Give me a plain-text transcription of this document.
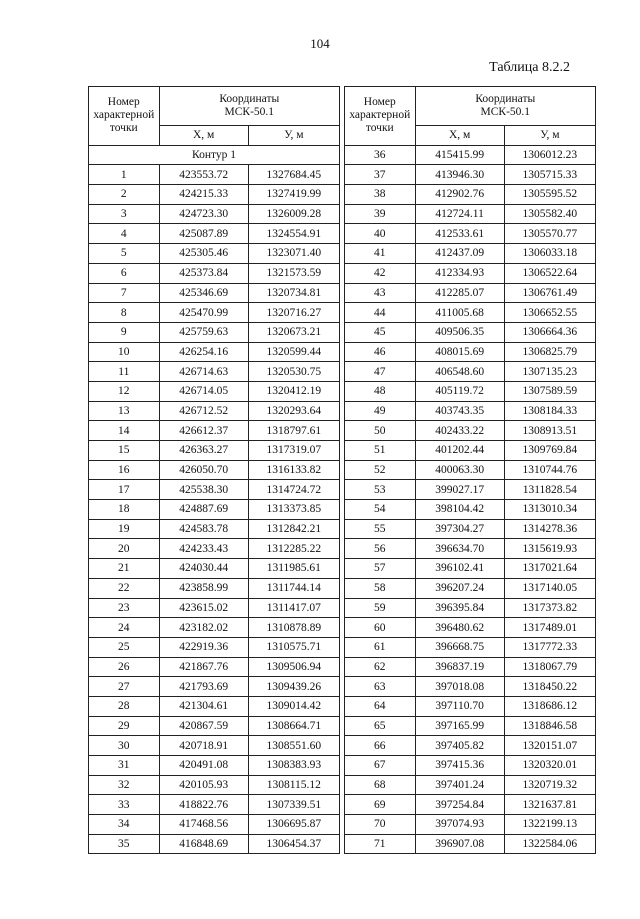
104
Таблица 8.2.2
Номер
характерной
точки	Координаты
МСК-50.1	
	Х, м	У, м
Контур 1		
1	423553.72	1327684.45
2	424215.33	1327419.99
3	424723.30	1326009.28
4	425087.89	1324554.91
5	425305.46	1323071.40
6	425373.84	1321573.59
7	425346.69	1320734.81
8	425470.99	1320716.27
9	425759.63	1320673.21
10	426254.16	1320599.44
11	426714.63	1320530.75
12	426714.05	1320412.19
13	426712.52	1320293.64
14	426612.37	1318797.61
15	426363.27	1317319.07
16	426050.70	1316133.82
17	425538.30	1314724.72
18	424887.69	1313373.85
19	424583.78	1312842.21
20	424233.43	1312285.22
21	424030.44	1311985.61
22	423858.99	1311744.14
23	423615.02	1311417.07
24	423182.02	1310878.89
25	422919.36	1310575.71
26	421867.76	1309506.94
27	421793.69	1309439.26
28	421304.61	1309014.42
29	420867.59	1308664.71
30	420718.91	1308551.60
31	420491.08	1308383.93
32	420105.93	1308115.12
33	418822.76	1307339.51
34	417468.56	1306695.87
35	416848.69	1306454.37
Номер
характерной
точки	Координаты
МСК-50.1	
	Х, м	У, м
36	415415.99	1306012.23
37	413946.30	1305715.33
38	412902.76	1305595.52
39	412724.11	1305582.40
40	412533.61	1305570.77
41	412437.09	1306033.18
42	412334.93	1306522.64
43	412285.07	1306761.49
44	411005.68	1306652.55
45	409506.35	1306664.36
46	408015.69	1306825.79
47	406548.60	1307135.23
48	405119.72	1307589.59
49	403743.35	1308184.33
50	402433.22	1308913.51
51	401202.44	1309769.84
52	400063.30	1310744.76
53	399027.17	1311828.54
54	398104.42	1313010.34
55	397304.27	1314278.36
56	396634.70	1315619.93
57	396102.41	1317021.64
58	396207.24	1317140.05
59	396395.84	1317373.82
60	396480.62	1317489.01
61	396668.75	1317772.33
62	396837.19	1318067.79
63	397018.08	1318450.22
64	397110.70	1318686.12
65	397165.99	1318846.58
66	397405.82	1320151.07
67	397415.36	1320320.01
68	397401.24	1320719.32
69	397254.84	1321637.81
70	397074.93	1322199.13
71	396907.08	1322584.06
